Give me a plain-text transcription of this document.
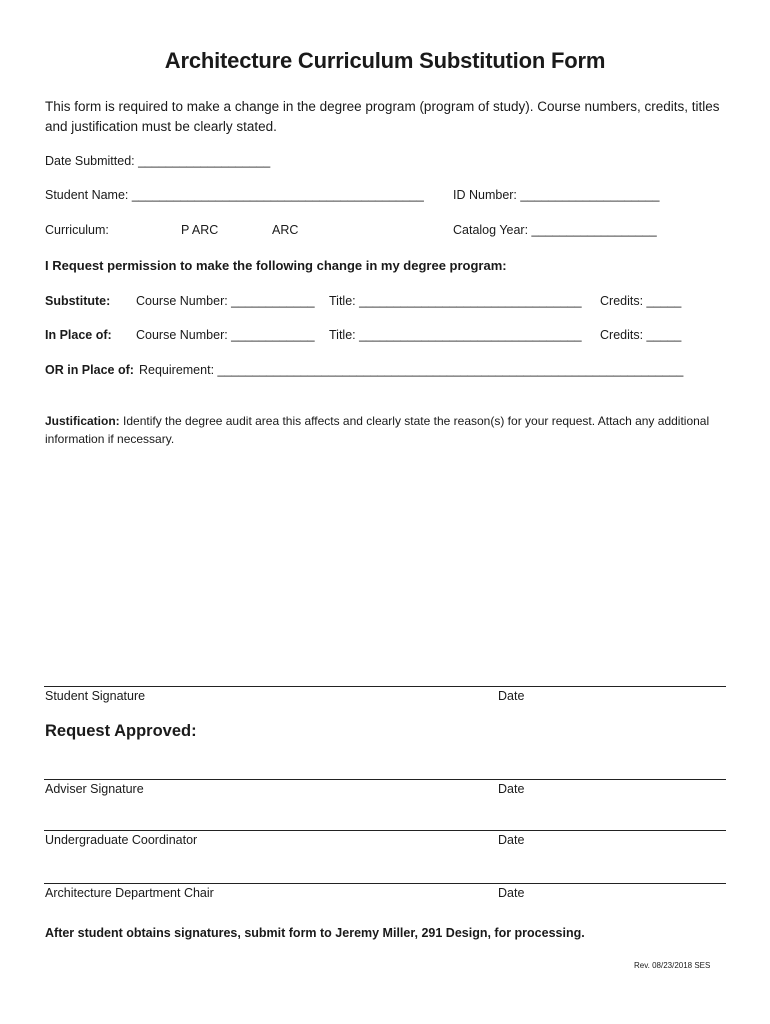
Architecture Curriculum Substitution Form
This form is required to make a change in the degree program (program of study). Course numbers, credits, titles and justification must be clearly stated.
Date Submitted: ___________________
Student Name: __________________________________________ ID Number: ____________________
Curriculum:	P ARC	ARC	Catalog Year: __________________
I Request permission to make the following change in my degree program:
Substitute: Course Number: ____________ Title: ________________________________ Credits: _____
In Place of: Course Number: ____________ Title: ________________________________ Credits: _____
OR in Place of: Requirement: ___________________________________________________________________
Justification: Identify the degree audit area this affects and clearly state the reason(s) for your request. Attach any additional information if necessary.
Student Signature	Date
Request Approved:
Adviser Signature	Date
Undergraduate Coordinator	Date
Architecture Department Chair	Date
After student obtains signatures, submit form to Jeremy Miller, 291 Design, for processing.
Rev. 08/23/2018 SES
